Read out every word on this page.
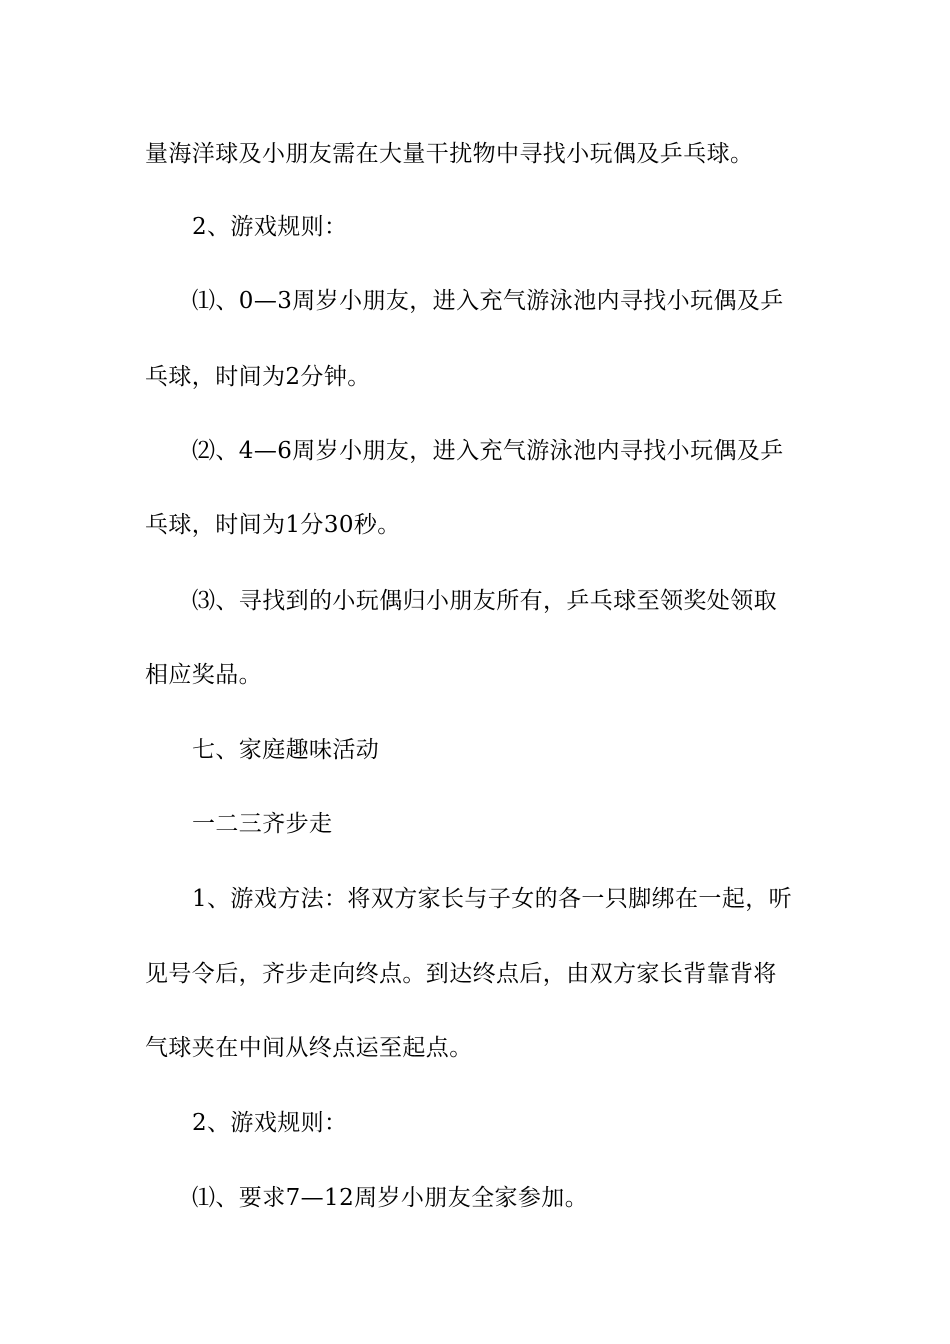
量海洋球及小朋友需在大量干扰物中寻找小玩偶及乒乓球。
2、游戏规则：
⑴、0—3周岁小朋友，进入充气游泳池内寻找小玩偶及乒
乓球，时间为2分钟。
⑵、4—6周岁小朋友，进入充气游泳池内寻找小玩偶及乒
乓球，时间为1分30秒。
⑶、寻找到的小玩偶归小朋友所有，乒乓球至领奖处领取
相应奖品。
七、家庭趣味活动
一二三齐步走
1、游戏方法：将双方家长与子女的各一只脚绑在一起，听
见号令后，齐步走向终点。到达终点后，由双方家长背靠背将
气球夹在中间从终点运至起点。
2、游戏规则：
⑴、要求7—12周岁小朋友全家参加。
